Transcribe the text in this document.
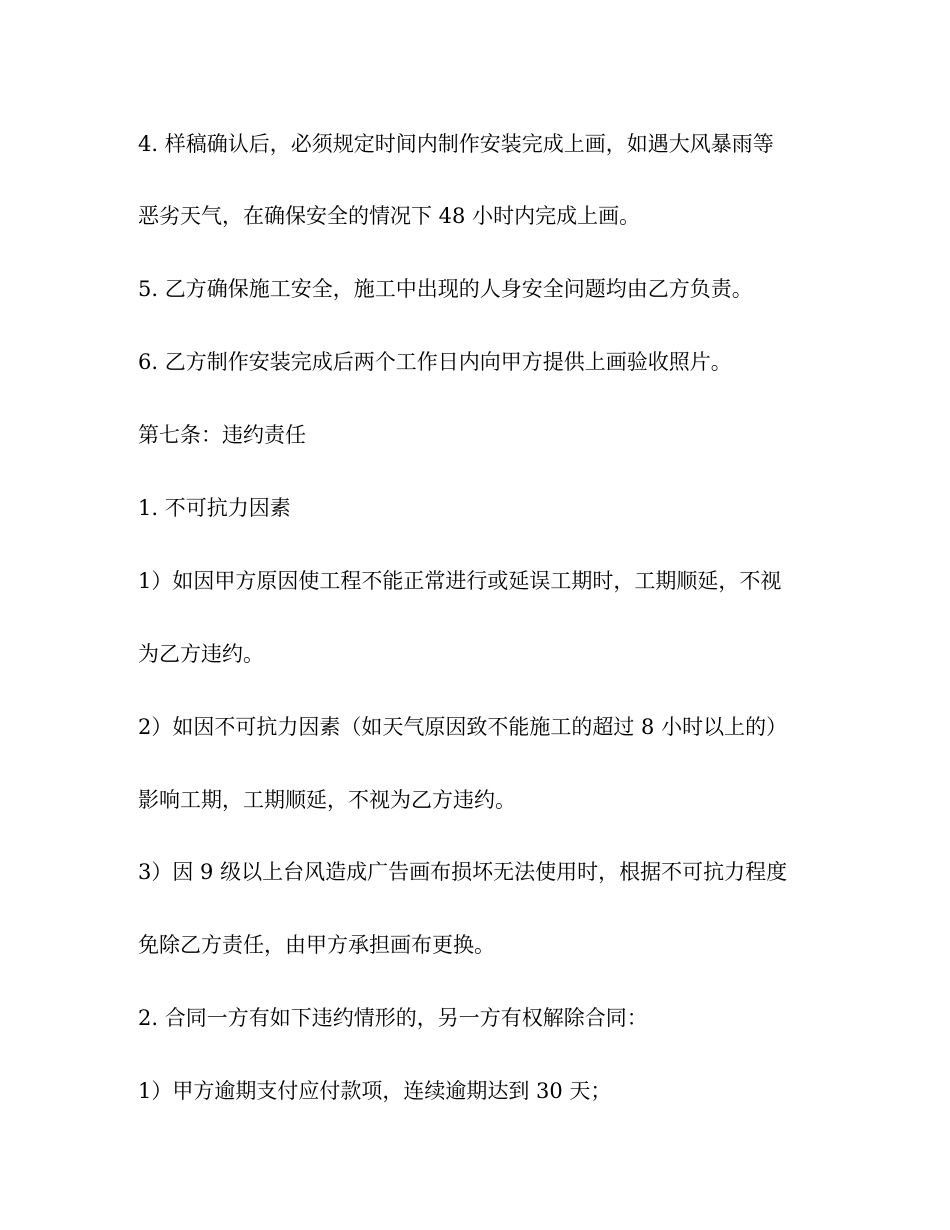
4. 样稿确认后，必须规定时间内制作安装完成上画，如遇大风暴雨等

恶劣天气，在确保安全的情况下 48 小时内完成上画。

5. 乙方确保施工安全，施工中出现的人身安全问题均由乙方负责。

6. 乙方制作安装完成后两个工作日内向甲方提供上画验收照片。

第七条：违约责任

1. 不可抗力因素

1）如因甲方原因使工程不能正常进行或延误工期时，工期顺延，不视

为乙方违约。

2）如因不可抗力因素（如天气原因致不能施工的超过 8 小时以上的）

影响工期，工期顺延，不视为乙方违约。

3）因 9 级以上台风造成广告画布损坏无法使用时，根据不可抗力程度

免除乙方责任，由甲方承担画布更换。

2. 合同一方有如下违约情形的，另一方有权解除合同：

1）甲方逾期支付应付款项，连续逾期达到 30 天；
